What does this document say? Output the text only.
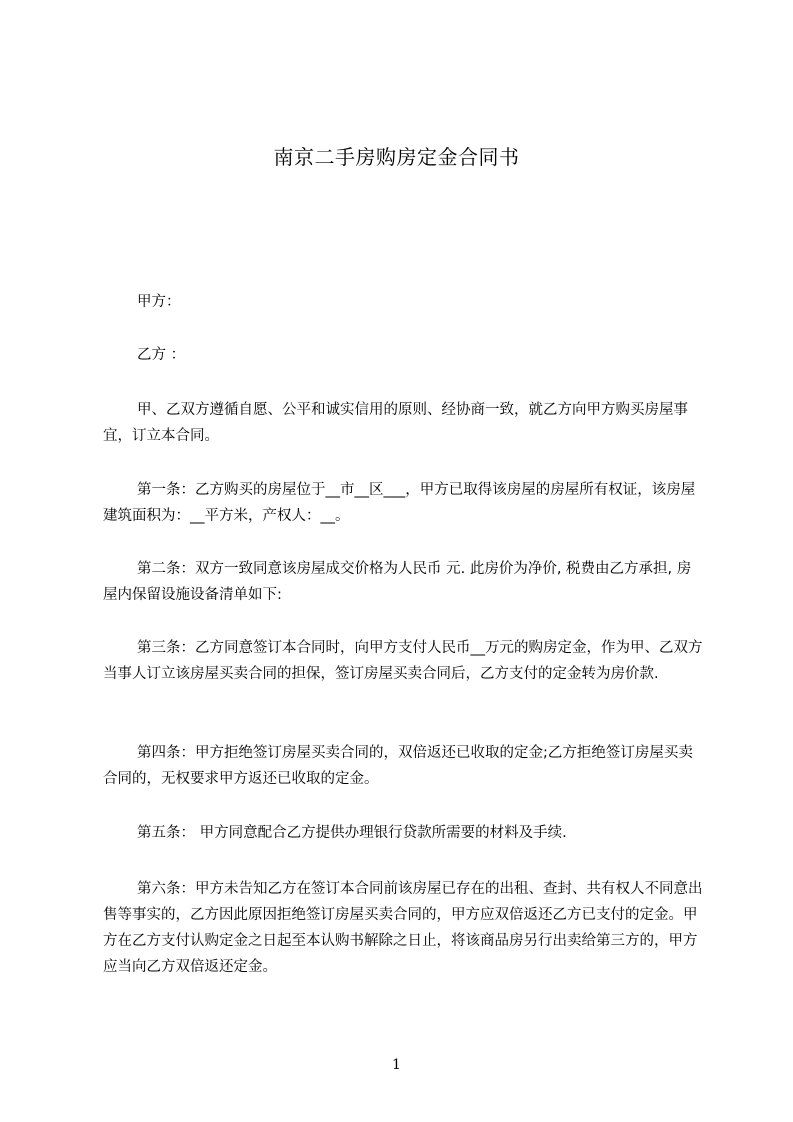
南京二手房购房定金合同书
甲方：
乙方 ：
甲、乙双方遵循自愿、公平和诚实信用的原则、经协商一致，就乙方向甲方购买房屋事宜，订立本合同。
第一条：乙方购买的房屋位于__市__区___，甲方已取得该房屋的房屋所有权证，该房屋建筑面积为：__平方米，产权人：__。
第二条：双方一致同意该房屋成交价格为人民币 元. 此房价为净价, 税费由乙方承担, 房屋内保留设施设备清单如下:
第三条：乙方同意签订本合同时，向甲方支付人民币__万元的购房定金，作为甲、乙双方当事人订立该房屋买卖合同的担保，签订房屋买卖合同后，乙方支付的定金转为房价款.
第四条：甲方拒绝签订房屋买卖合同的，双倍返还已收取的定金;乙方拒绝签订房屋买卖合同的，无权要求甲方返还已收取的定金。
第五条： 甲方同意配合乙方提供办理银行贷款所需要的材料及手续.
第六条：甲方未告知乙方在签订本合同前该房屋已存在的出租、查封、共有权人不同意出售等事实的，乙方因此原因拒绝签订房屋买卖合同的，甲方应双倍返还乙方已支付的定金。甲方在乙方支付认购定金之日起至本认购书解除之日止，将该商品房另行出卖给第三方的，甲方应当向乙方双倍返还定金。
1
